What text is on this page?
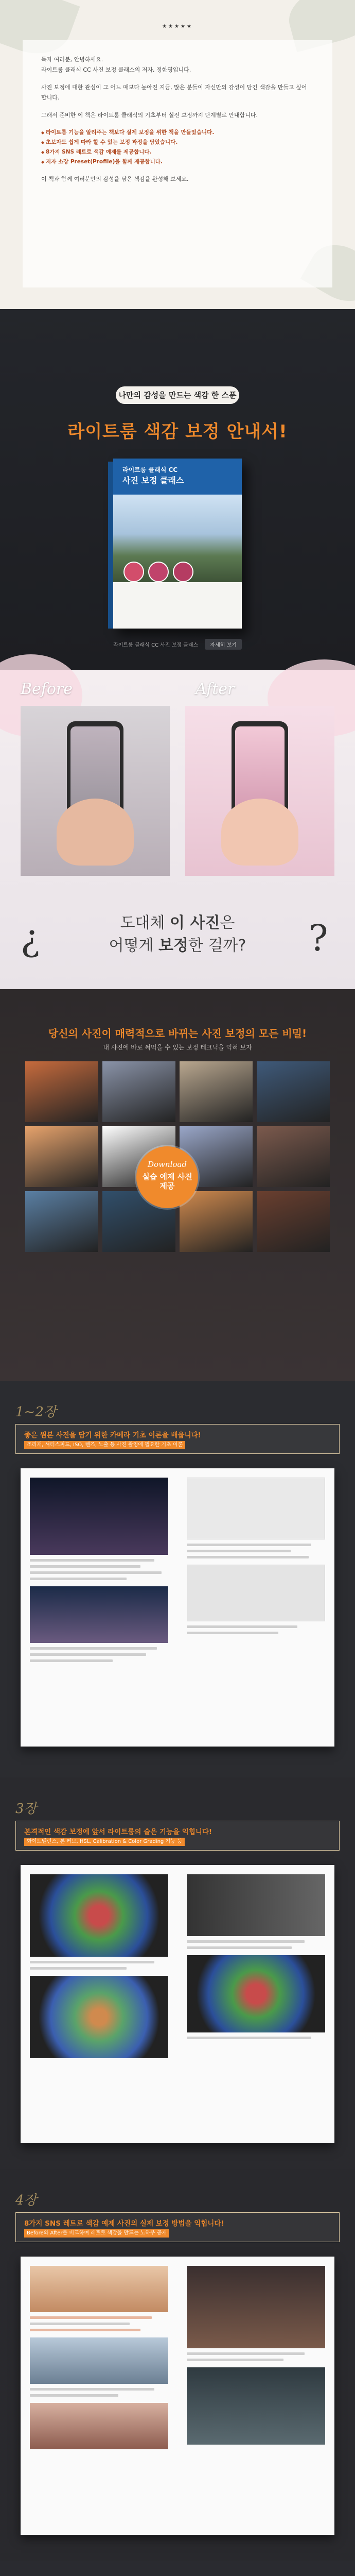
★★★★★

독자 여러분, 안녕하세요.
라이트룸 클래식 CC 사진 보정 클래스의 저자, 정한영입니다.

사진 보정에 대한 관심이 그 어느 때보다 높아진 지금, 많은 분들이 자신만의 감성이 담긴 색감을 만들고 싶어 합니다.

그래서 준비한 이 책은 라이트룸 클래식의 기초부터 실전 보정까지 단계별로 안내합니다.

◆ 라이트룸 기능을 알려주는 책보다 실제 보정을 위한 책을 만들었습니다.
◆ 초보자도 쉽게 따라 할 수 있는 보정 과정을 담았습니다.
◆ 8가지 SNS 레트로 색감 예제를 제공합니다.
◆ 저자 소장 Preset(Profile)을 함께 제공합니다.

이 책과 함께 여러분만의 감성을 담은 색감을 완성해 보세요.

나만의 감성을 만드는 색감 한 스푼
라이트룸 색감 보정 안내서!
라이트룸 클래식 CC
사진 보정 클래스
라이트룸 클래식 CC 사진 보정 클래스 자세히 보기
Before	After
¿	?
도대체 이 사진은
어떻게 보정한 걸까?
당신의 사진이 매력적으로 바뀌는 사진 보정의 모든 비밀!
내 사진에 바로 써먹을 수 있는 보정 테크닉을 익혀 보자
Download
실습 예제 사진
제공
1~2장
좋은 원본 사진을 담기 위한 카메라 기초 이론을 배웁니다!
조리개, 셔터스피드, ISO, 렌즈, 노출 등 사진 촬영에 필요한 기초 이론
3장
본격적인 색감 보정에 앞서 라이트룸의 술은 기능을 익힙니다!
화이트밸런스, 톤 커브, HSL, Calibration & Color Grading 기능 등
4장
8가지 SNS 레트로 색감 예제 사진의 실제 보정 방법을 익힙니다!
Before와 After를 비교하며 레트로 색감을 만드는 노하우 공개
